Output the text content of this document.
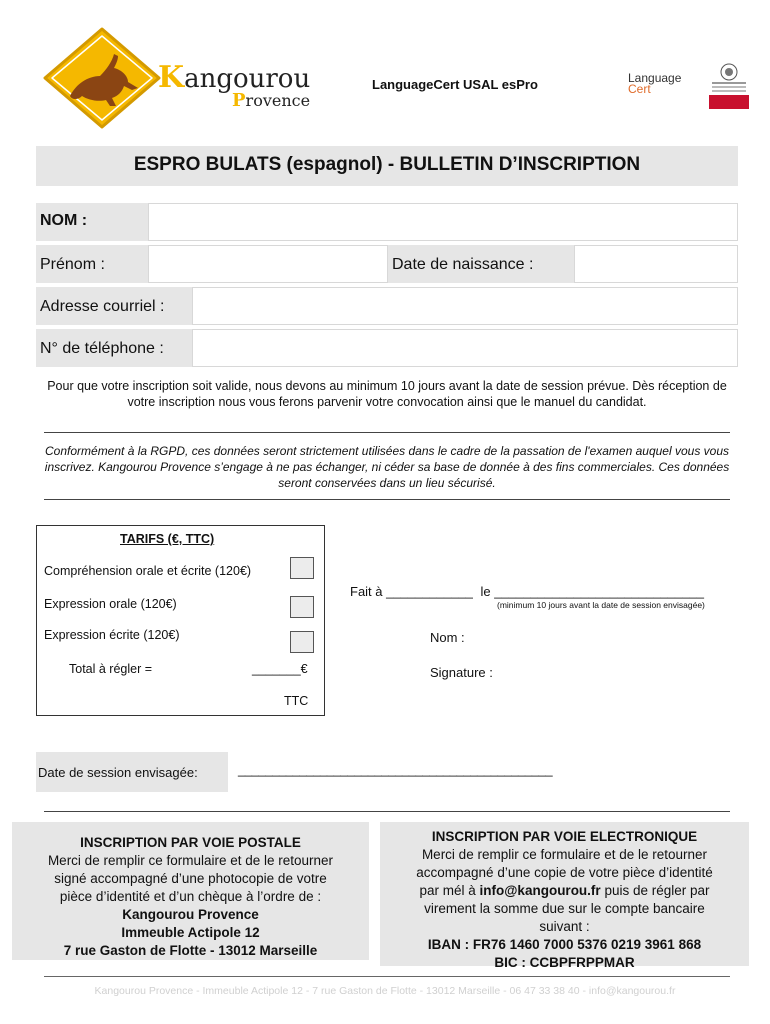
Kangourou
Provence
LanguageCert USAL esPro	Language
Cert
ESPRO BULATS (espagnol) - BULLETIN D’INSCRIPTION
NOM :
Prénom :	Date de naissance :
Adresse courriel :
N° de téléphone :
Pour que votre inscription soit valide, nous devons au minimum 10 jours avant la date de session prévue. Dès réception de votre inscription nous vous ferons parvenir votre convocation ainsi que le manuel du candidat.
Conformément à la RGPD, ces données seront strictement utilisées dans le cadre de la passation de l'examen auquel vous vous inscrivez. Kangourou Provence s’engage à ne pas échanger, ni céder sa base de donnée à des fins commerciales. Ces données seront conservées dans un lieu sécurisé.
TARIFS (€, TTC)
Compréhension orale et écrite (120€)
Expression orale (120€)
Expression écrite (120€)
Total à régler =	_______€
TTC
Fait à ____________ le _____________________________
(minimum 10 jours avant la date de session envisagée)
Nom :
Signature :
Date de session envisagée:	______________________________________________
INSCRIPTION PAR VOIE POSTALE
Merci de remplir ce formulaire et de le retourner
signé accompagné d’une photocopie de votre
pièce d’identité et d’un chèque à l’ordre de :
Kangourou Provence
Immeuble Actipole 12
7 rue Gaston de Flotte - 13012 Marseille
INSCRIPTION PAR VOIE ELECTRONIQUE
Merci de remplir ce formulaire et de le retourner
accompagné d’une copie de votre pièce d’identité
par mél à info@kangourou.fr puis de régler par
virement la somme due sur le compte bancaire
suivant :
IBAN : FR76 1460 7000 5376 0219 3961 868
BIC : CCBPFRPPMAR
Kangourou Provence - Immeuble Actipole 12 - 7 rue Gaston de Flotte - 13012 Marseille - 06 47 33 38 40 - info@kangourou.fr
